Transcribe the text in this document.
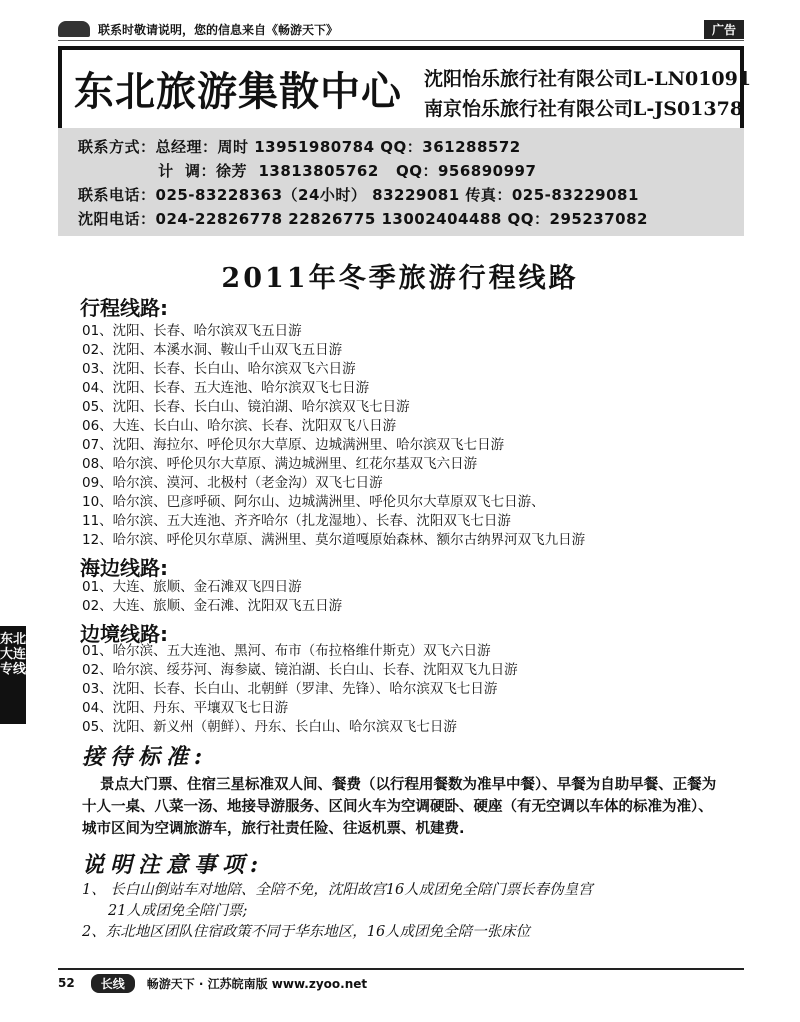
联系时敬请说明，您的信息来自《畅游天下》	广告
东北旅游集散中心 沈阳怡乐旅行社有限公司L-LN01091
南京怡乐旅行社有限公司L-JS01378
联系方式：总经理：周时 13951980784 QQ：361288572
计  调：徐芳  13813805762   QQ：956890997
联系电话：025-83228363（24小时） 83229081 传真：025-83229081
沈阳电话：024-22826778 22826775 13002404488 QQ：295237082
2011年冬季旅游行程线路
行程线路:
01、沈阳、长春、哈尔滨双飞五日游
02、沈阳、本溪水洞、鞍山千山双飞五日游
03、沈阳、长春、长白山、哈尔滨双飞六日游
04、沈阳、长春、五大连池、哈尔滨双飞七日游
05、沈阳、长春、长白山、镜泊湖、哈尔滨双飞七日游
06、大连、长白山、哈尔滨、长春、沈阳双飞八日游
07、沈阳、海拉尔、呼伦贝尔大草原、边城满洲里、哈尔滨双飞七日游
08、哈尔滨、呼伦贝尔大草原、满边城洲里、红花尔基双飞六日游
09、哈尔滨、漠河、北极村（老金沟）双飞七日游
10、哈尔滨、巴彦呼硕、阿尔山、边城满洲里、呼伦贝尔大草原双飞七日游、
11、哈尔滨、五大连池、齐齐哈尔（扎龙湿地）、长春、沈阳双飞七日游
12、哈尔滨、呼伦贝尔草原、满洲里、莫尔道嘎原始森林、额尔古纳界河双飞九日游
海边线路:
01、大连、旅顺、金石滩双飞四日游
02、大连、旅顺、金石滩、沈阳双飞五日游
边境线路:
01、哈尔滨、五大连池、黑河、布市（布拉格维什斯克）双飞六日游
02、哈尔滨、绥芬河、海参崴、镜泊湖、长白山、长春、沈阳双飞九日游
03、沈阳、长春、长白山、北朝鲜（罗津、先锋）、哈尔滨双飞七日游
04、沈阳、丹东、平壤双飞七日游
05、沈阳、新义州（朝鲜）、丹东、长白山、哈尔滨双飞七日游
东北
大连
专线
接待标准:
景点大门票、住宿三星标准双人间、餐费（以行程用餐数为准早中餐）、早餐为自助早餐、正餐为十人一桌、八菜一汤、地接导游服务、区间火车为空调硬卧、硬座（有无空调以车体的标准为准）、城市区间为空调旅游车，旅行社责任险、往返机票、机建费.
说明注意事项:
1、 长白山倒站车对地陪、全陪不免，沈阳故宫16人成团免全陪门票长春伪皇宫
21人成团免全陪门票;
2、东北地区团队住宿政策不同于华东地区，16人成团免全陪一张床位
52	长线	畅游天下 · 江苏皖南版 www.zyoo.net
